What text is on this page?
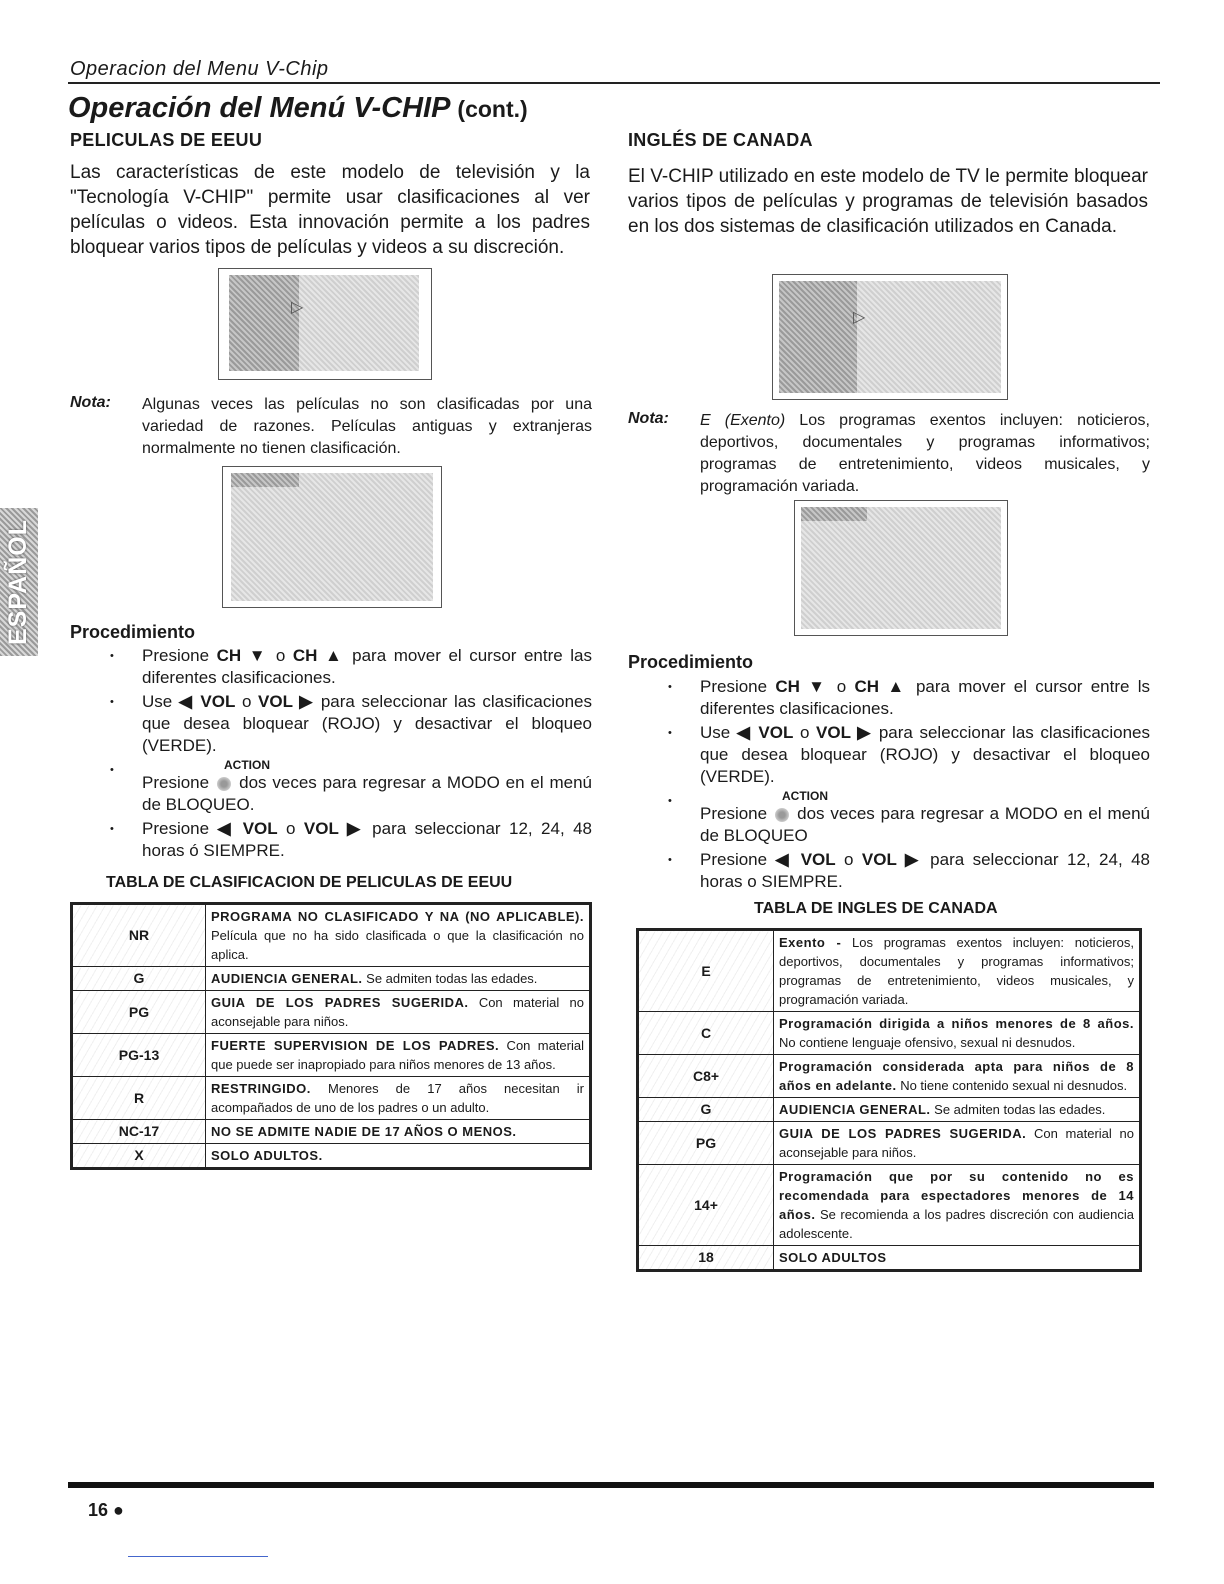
Operacion del Menu V-Chip
Operación del Menú V-CHIP (cont.)
ESPAÑOL
PELICULAS DE EEUU
Las características de este modelo de televisión y la "Tecnología V-CHIP" permite usar clasificaciones al ver películas o videos. Esta innovación permite a los padres bloquear varios tipos de películas y videos a su discreción.
▷
Nota: Algunas veces las películas no son clasificadas por una variedad de razones. Películas antiguas y extranjeras normalmente no tienen clasificación.
Procedimiento
• Presione CH ▼ o CH ▲ para mover el cursor entre las diferentes clasificaciones.
• Use ◀ VOL o VOL ▶ para seleccionar las clasificaciones que desea bloquear (ROJO) y desactivar el bloqueo (VERDE).
• ACTION
Presione dos veces para regresar a MODO en el menú de BLOQUEO.
• Presione ◀ VOL o VOL ▶ para seleccionar 12, 24, 48 horas ó SIEMPRE.
TABLA DE CLASIFICACION DE PELICULAS DE EEUU
NR	PROGRAMA NO CLASIFICADO Y NA (NO APLICABLE). Película que no ha sido clasificada o que la clasificación no aplica.
G	AUDIENCIA GENERAL. Se admiten todas las edades.
PG	GUIA DE LOS PADRES SUGERIDA. Con material no aconsejable para niños.
PG-13	FUERTE SUPERVISION DE LOS PADRES. Con material que puede ser inapropiado para niños menores de 13 años.
R	RESTRINGIDO. Menores de 17 años necesitan ir acompañados de uno de los padres o un adulto.
NC-17	NO SE ADMITE NADIE DE 17 AÑOS O MENOS.
X	SOLO ADULTOS.
INGLÉS DE CANADA
El V-CHIP utilizado en este modelo de TV le permite bloquear varios tipos de películas y programas de televisión basados en los dos sistemas de clasificación utilizados en Canada.
▷
Nota: E (Exento) Los programas exentos incluyen: noticieros, deportivos, documentales y programas informativos; programas de entretenimiento, videos musicales, y programación variada.
Procedimiento
• Presione CH ▼ o CH ▲ para mover el cursor entre ls diferentes clasificaciones.
• Use ◀ VOL o VOL ▶ para seleccionar las clasificaciones que desea bloquear (ROJO) y desactivar el bloqueo (VERDE).
• ACTION
Presione dos veces para regresar a MODO en el menú de BLOQUEO
• Presione ◀ VOL o VOL ▶ para seleccionar 12, 24, 48 horas o SIEMPRE.
TABLA DE INGLES DE CANADA
E	Exento - Los programas exentos incluyen: noticieros, deportivos, documentales y programas informativos; programas de entretenimiento, videos musicales, y programación variada.
C	Programación dirigida a niños menores de 8 años. No contiene lenguaje ofensivo, sexual ni desnudos.
C8+	Programación considerada apta para niños de 8 años en adelante. No tiene contenido sexual ni desnudos.
G	AUDIENCIA GENERAL. Se admiten todas las edades.
PG	GUIA DE LOS PADRES SUGERIDA. Con material no aconsejable para niños.
14+	Programación que por su contenido no es recomendada para espectadores menores de 14 años. Se recomienda a los padres discreción con audiencia adolescente.
18	SOLO ADULTOS
16 ●
